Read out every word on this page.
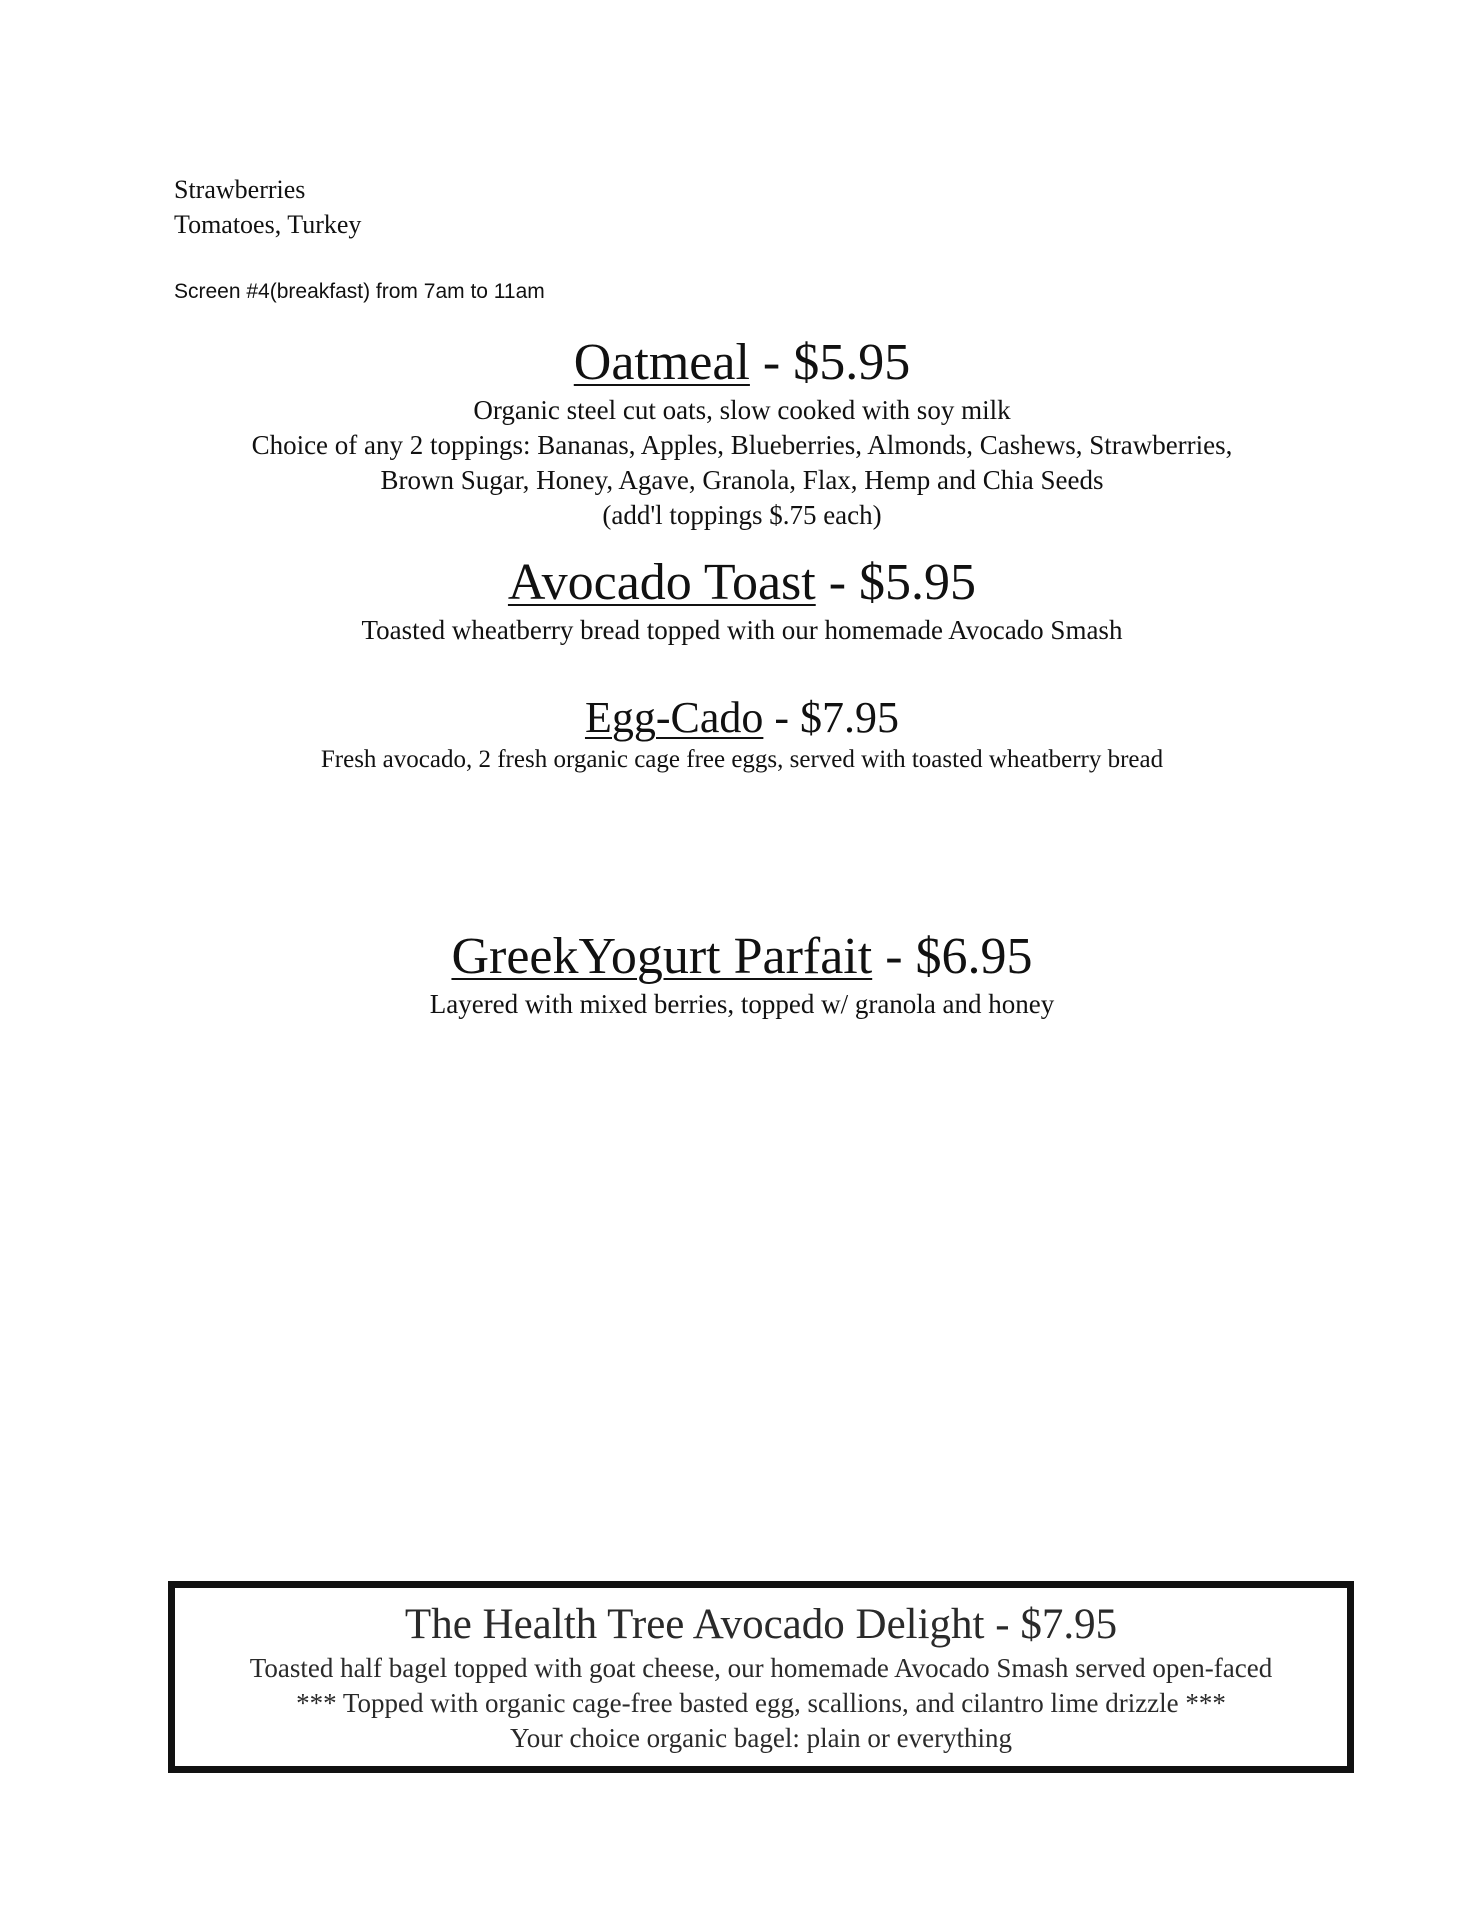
Strawberries
Tomatoes, Turkey
Screen #4(breakfast) from 7am to 11am
Oatmeal - $5.95
Organic steel cut oats, slow cooked with soy milk
Choice of any 2 toppings: Bananas, Apples, Blueberries, Almonds, Cashews, Strawberries,
Brown Sugar, Honey, Agave, Granola, Flax, Hemp and Chia Seeds
(add'l toppings $.75 each)
Avocado Toast - $5.95
Toasted wheatberry bread topped with our homemade Avocado Smash
Egg-Cado - $7.95
Fresh avocado, 2 fresh organic cage free eggs, served with toasted wheatberry bread
GreekYogurt Parfait - $6.95
Layered with mixed berries, topped w/ granola and honey
The Health Tree Avocado Delight - $7.95
Toasted half bagel topped with goat cheese, our homemade Avocado Smash served open-faced
*** Topped with organic cage-free basted egg, scallions, and cilantro lime drizzle ***
Your choice organic bagel: plain or everything
